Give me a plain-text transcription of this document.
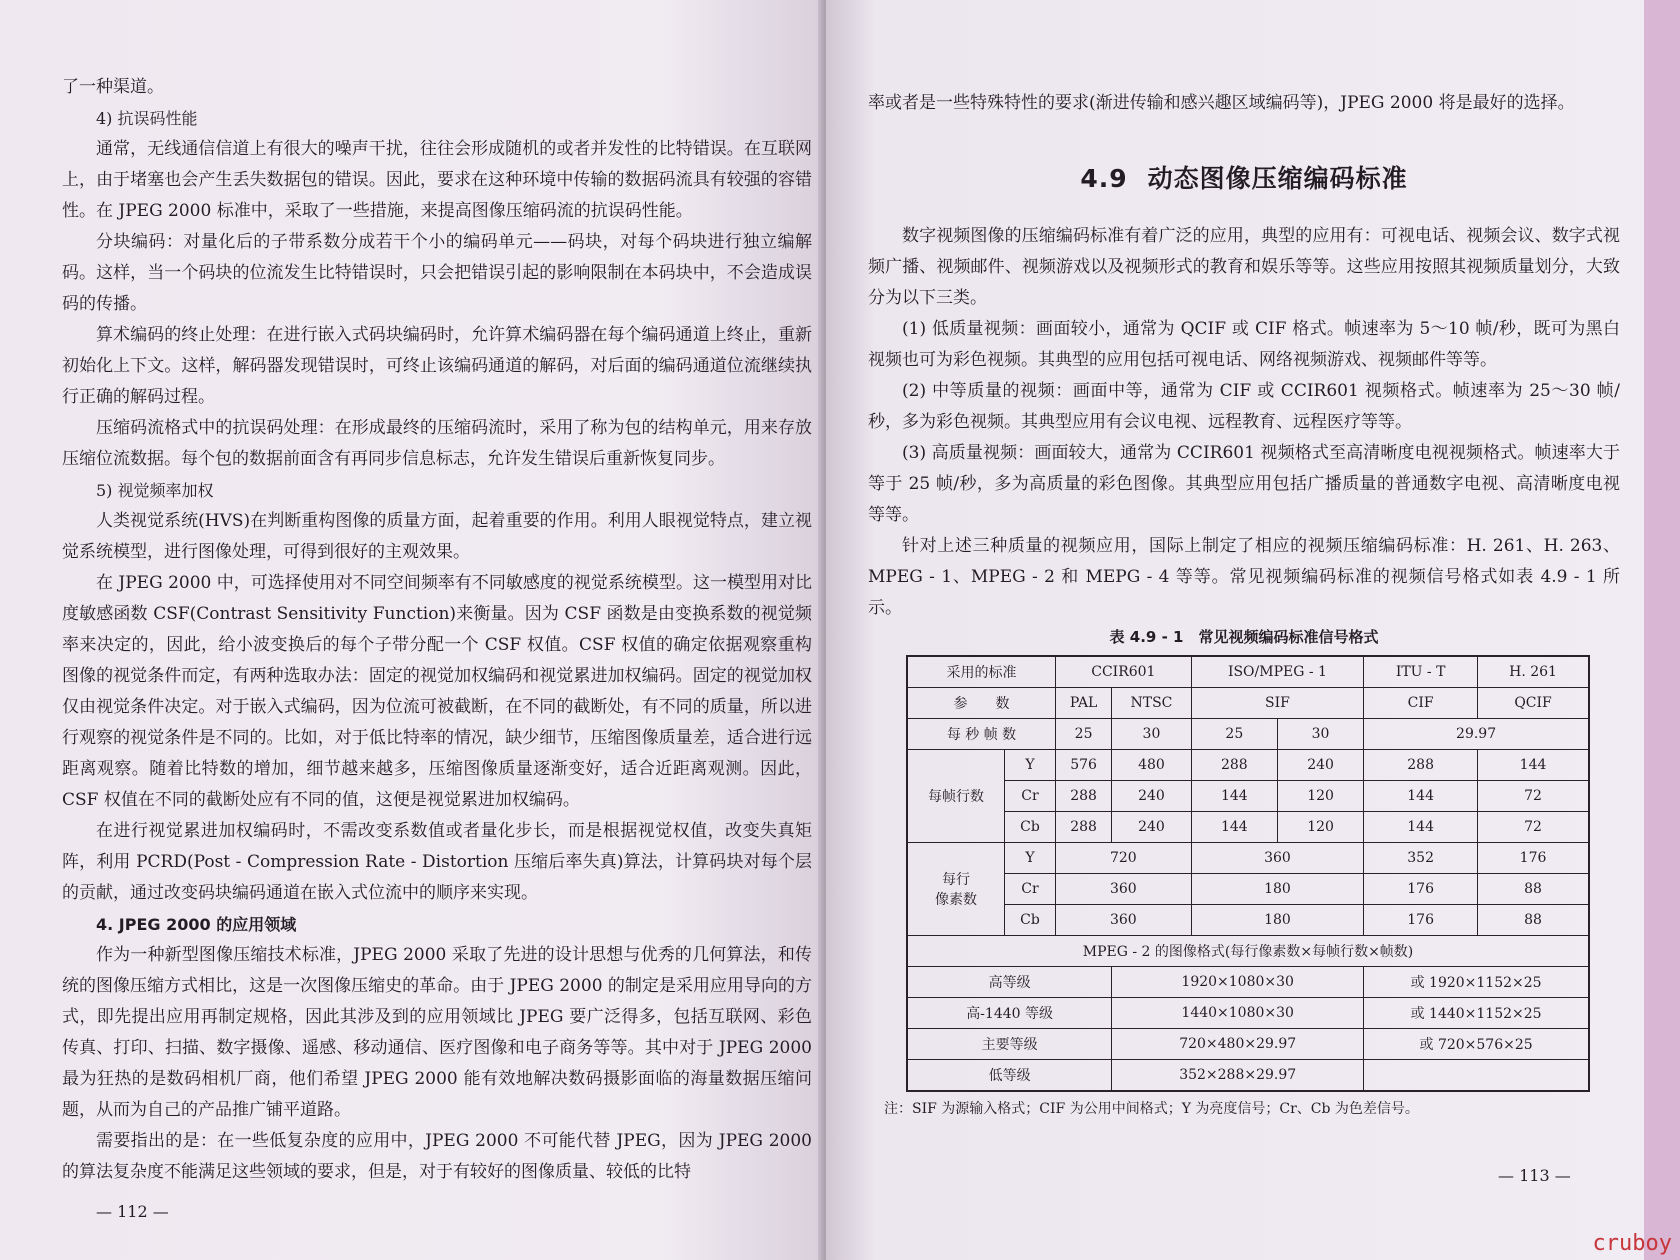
了一种渠道。

4) 抗误码性能

通常，无线通信信道上有很大的噪声干扰，往往会形成随机的或者并发性的比特错误。在互联网上，由于堵塞也会产生丢失数据包的错误。因此，要求在这种环境中传输的数据码流具有较强的容错性。在 JPEG 2000 标准中，采取了一些措施，来提高图像压缩码流的抗误码性能。

分块编码：对量化后的子带系数分成若干个小的编码单元——码块，对每个码块进行独立编解码。这样，当一个码块的位流发生比特错误时，只会把错误引起的影响限制在本码块中，不会造成误码的传播。

算术编码的终止处理：在进行嵌入式码块编码时，允许算术编码器在每个编码通道上终止，重新初始化上下文。这样，解码器发现错误时，可终止该编码通道的解码，对后面的编码通道位流继续执行正确的解码过程。

压缩码流格式中的抗误码处理：在形成最终的压缩码流时，采用了称为包的结构单元，用来存放压缩位流数据。每个包的数据前面含有再同步信息标志，允许发生错误后重新恢复同步。

5) 视觉频率加权

人类视觉系统(HVS)在判断重构图像的质量方面，起着重要的作用。利用人眼视觉特点，建立视觉系统模型，进行图像处理，可得到很好的主观效果。

在 JPEG 2000 中，可选择使用对不同空间频率有不同敏感度的视觉系统模型。这一模型用对比度敏感函数 CSF(Contrast Sensitivity Function)来衡量。因为 CSF 函数是由变换系数的视觉频率来决定的，因此，给小波变换后的每个子带分配一个 CSF 权值。CSF 权值的确定依据观察重构图像的视觉条件而定，有两种选取办法：固定的视觉加权编码和视觉累进加权编码。固定的视觉加权仅由视觉条件决定。对于嵌入式编码，因为位流可被截断，在不同的截断处，有不同的质量，所以进行观察的视觉条件是不同的。比如，对于低比特率的情况，缺少细节，压缩图像质量差，适合进行远距离观察。随着比特数的增加，细节越来越多，压缩图像质量逐渐变好，适合近距离观测。因此，CSF 权值在不同的截断处应有不同的值，这便是视觉累进加权编码。

在进行视觉累进加权编码时，不需改变系数值或者量化步长，而是根据视觉权值，改变失真矩阵，利用 PCRD(Post - Compression Rate - Distortion 压缩后率失真)算法，计算码块对每个层的贡献，通过改变码块编码通道在嵌入式位流中的顺序来实现。

4. JPEG 2000 的应用领域

作为一种新型图像压缩技术标准，JPEG 2000 采取了先进的设计思想与优秀的几何算法，和传统的图像压缩方式相比，这是一次图像压缩史的革命。由于 JPEG 2000 的制定是采用应用导向的方式，即先提出应用再制定规格，因此其涉及到的应用领域比 JPEG 要广泛得多，包括互联网、彩色传真、打印、扫描、数字摄像、遥感、移动通信、医疗图像和电子商务等等。其中对于 JPEG 2000 最为狂热的是数码相机厂商，他们希望 JPEG 2000 能有效地解决数码摄影面临的海量数据压缩问题，从而为自己的产品推广铺平道路。

需要指出的是：在一些低复杂度的应用中，JPEG 2000 不可能代替 JPEG，因为 JPEG 2000 的算法复杂度不能满足这些领域的要求，但是，对于有较好的图像质量、较低的比特

— 112 —

率或者是一些特殊特性的要求(渐进传输和感兴趣区域编码等)，JPEG 2000 将是最好的选择。

4.9 动态图像压缩编码标准

数字视频图像的压缩编码标准有着广泛的应用，典型的应用有：可视电话、视频会议、数字式视频广播、视频邮件、视频游戏以及视频形式的教育和娱乐等等。这些应用按照其视频质量划分，大致分为以下三类。

(1) 低质量视频：画面较小，通常为 QCIF 或 CIF 格式。帧速率为 5～10 帧/秒，既可为黑白视频也可为彩色视频。其典型的应用包括可视电话、网络视频游戏、视频邮件等等。

(2) 中等质量的视频：画面中等，通常为 CIF 或 CCIR601 视频格式。帧速率为 25～30 帧/秒，多为彩色视频。其典型应用有会议电视、远程教育、远程医疗等等。

(3) 高质量视频：画面较大，通常为 CCIR601 视频格式至高清晰度电视视频格式。帧速率大于等于 25 帧/秒，多为高质量的彩色图像。其典型应用包括广播质量的普通数字电视、高清晰度电视等等。

针对上述三种质量的视频应用，国际上制定了相应的视频压缩编码标准：H. 261、H. 263、MPEG - 1、MPEG - 2 和 MEPG - 4 等等。常见视频编码标准的视频信号格式如表 4.9 - 1 所示。

表 4.9 - 1　常见视频编码标准信号格式
采用的标准		CCIR601		ISO/MPEG - 1		ITU - T	H. 261
参　　数		PAL	NTSC	SIF		CIF	QCIF
每 秒 帧 数		25	30	25	30	29.97	
每帧行数	Y	576	480	288	240	288	144
	Cr	288	240	144	120	144	72
	Cb	288	240	144	120	144	72
每行
像素数	Y	720		360		352	176
	Cr	360		180		176	88
	Cb	360		180		176	88
MPEG - 2 的图像格式(每行像素数×每帧行数×帧数)							
高等级			1920×1080×30			或 1920×1152×25	
高-1440 等级			1440×1080×30			或 1440×1152×25	
主要等级			720×480×29.97			或 720×576×25	
低等级			352×288×29.97				
注：SIF 为源输入格式；CIF 为公用中间格式；Y 为亮度信号；Cr、Cb 为色差信号。
— 113 —
cruboy
